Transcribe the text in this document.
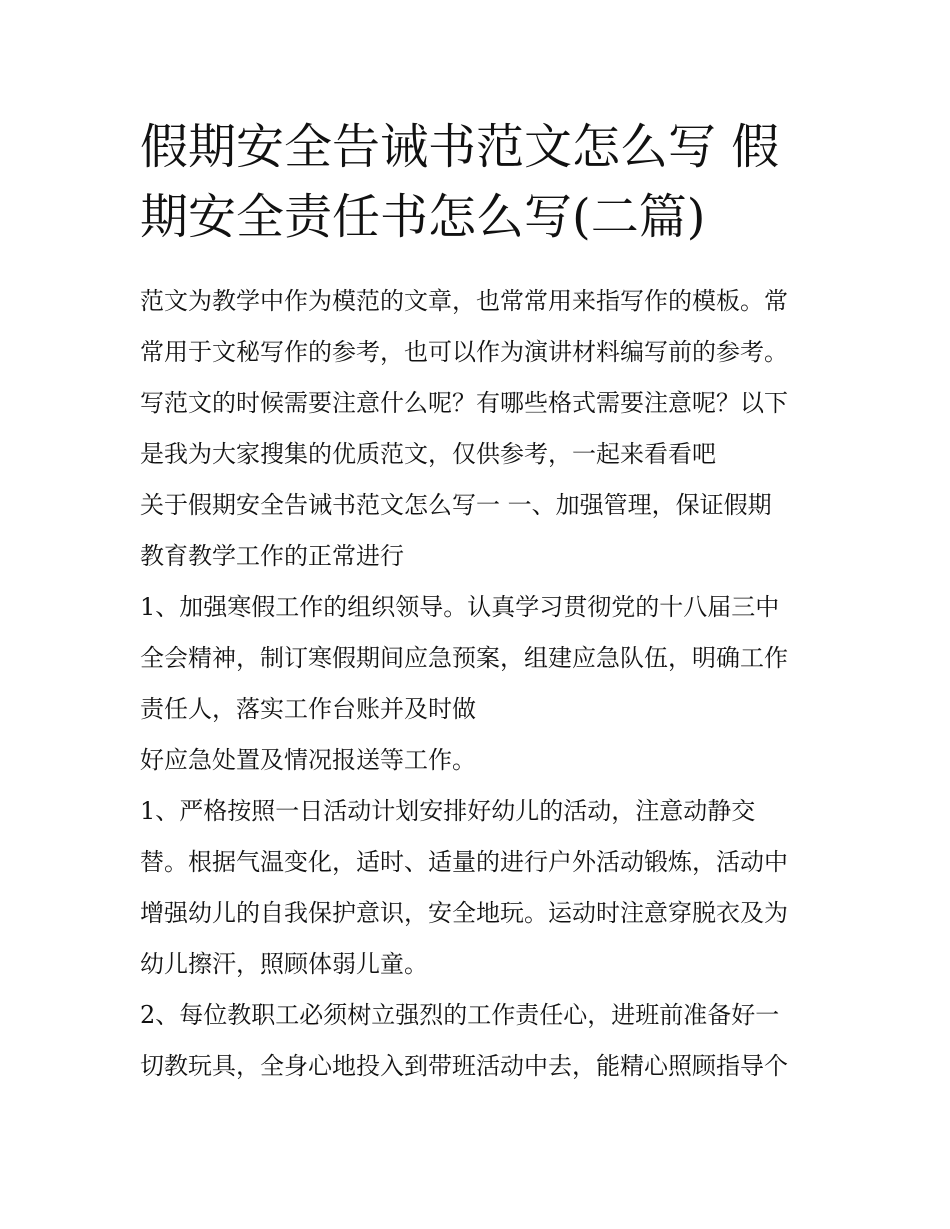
假期安全告诫书范文怎么写 假
期安全责任书怎么写(二篇)
范文为教学中作为模范的文章，也常常用来指写作的模板。常
常用于文秘写作的参考，也可以作为演讲材料编写前的参考。
写范文的时候需要注意什么呢？有哪些格式需要注意呢？以下
是我为大家搜集的优质范文，仅供参考，一起来看看吧
关于假期安全告诫书范文怎么写一 一、加强管理，保证假期
教育教学工作的正常进行
1、加强寒假工作的组织领导。认真学习贯彻党的十八届三中
全会精神，制订寒假期间应急预案，组建应急队伍，明确工作
责任人，落实工作台账并及时做
好应急处置及情况报送等工作。
1、严格按照一日活动计划安排好幼儿的活动，注意动静交
替。根据气温变化，适时、适量的进行户外活动锻炼，活动中
增强幼儿的自我保护意识，安全地玩。运动时注意穿脱衣及为
幼儿擦汗，照顾体弱儿童。
2、每位教职工必须树立强烈的工作责任心，进班前准备好一
切教玩具，全身心地投入到带班活动中去，能精心照顾指导个
